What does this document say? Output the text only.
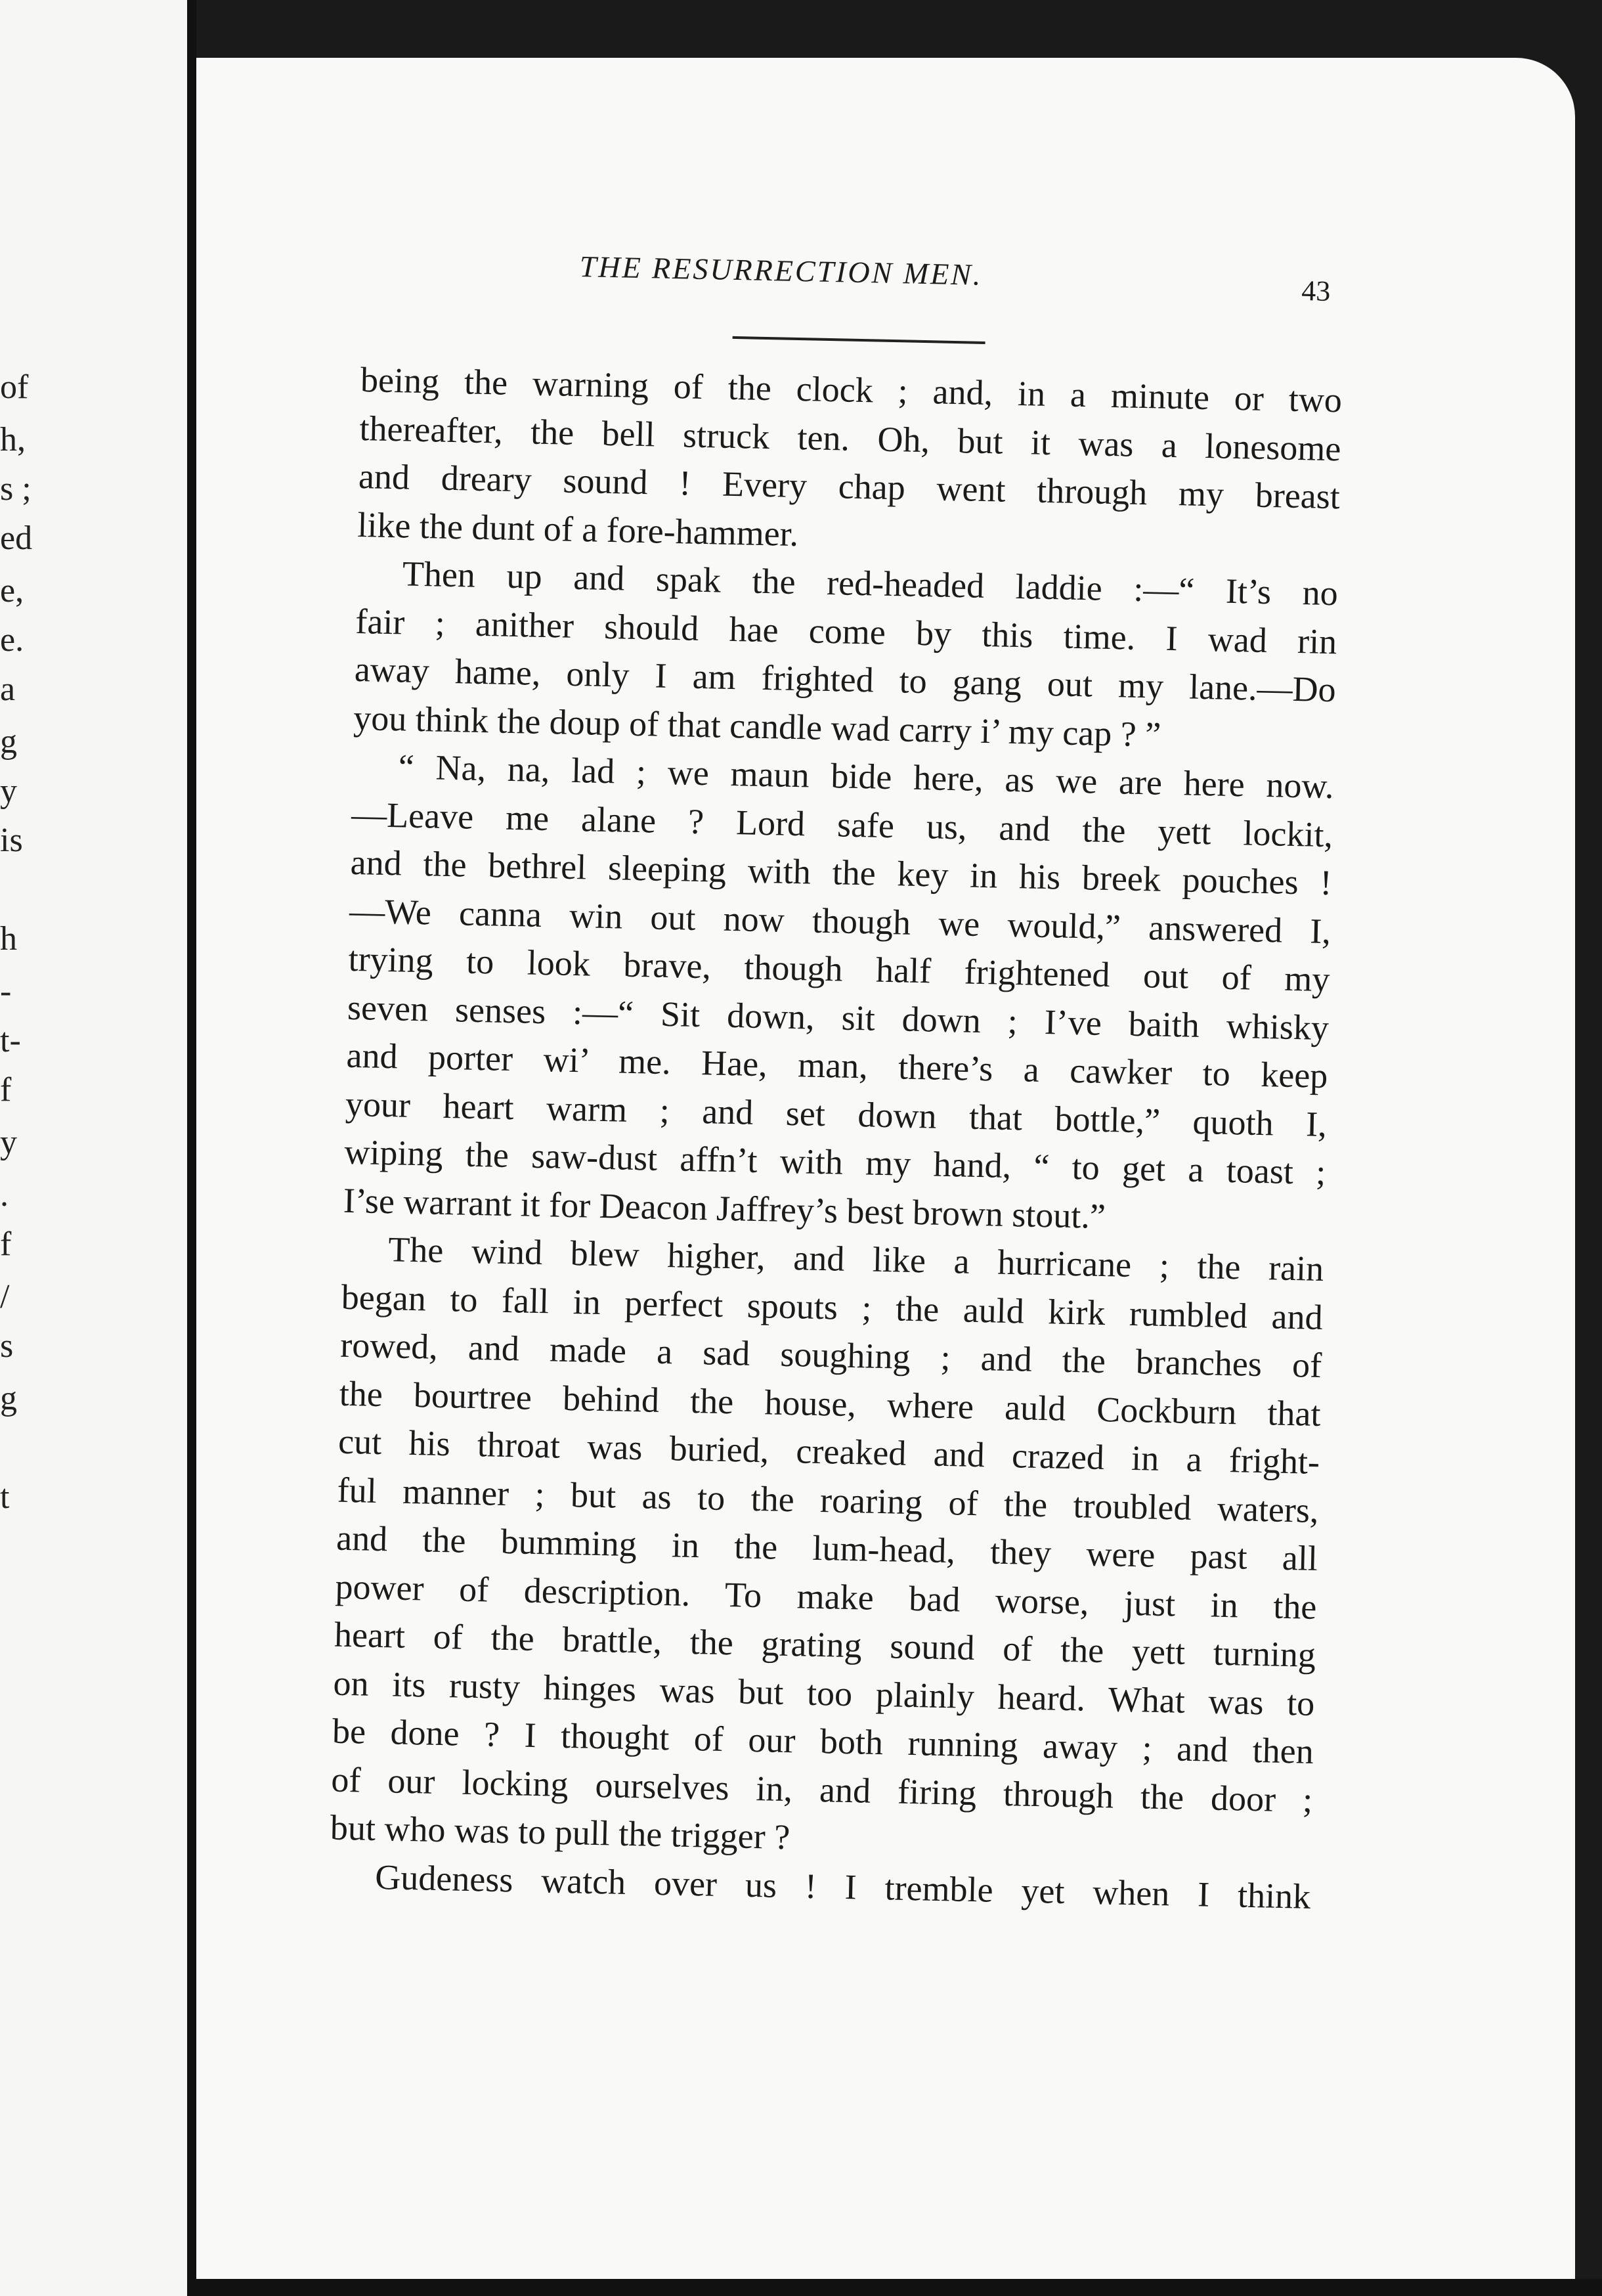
of
h,
s ;
ed
e,
e.
a
g
y
is
h
-
t-
f
y
.
f
/
s
g
t
THE RESURRECTION MEN.	43
being the warning of the clock ; and, in a minute or two
thereafter, the bell struck ten. Oh, but it was a lonesome
and dreary sound ! Every chap went through my breast
like the dunt of a fore-hammer.
Then up and spak the red-headed laddie :—“ It’s no
fair ; anither should hae come by this time. I wad rin
away hame, only I am frighted to gang out my lane.—Do
you think the doup of that candle wad carry i’ my cap ? ”
“ Na, na, lad ; we maun bide here, as we are here now.
—Leave me alane ? Lord safe us, and the yett lockit,
and the bethrel sleeping with the key in his breek pouches !
—We canna win out now though we would,” answered I,
trying to look brave, though half frightened out of my
seven senses :—“ Sit down, sit down ; I’ve baith whisky
and porter wi’ me. Hae, man, there’s a cawker to keep
your heart warm ; and set down that bottle,” quoth I,
wiping the saw-dust affn’t with my hand, “ to get a toast ;
I’se warrant it for Deacon Jaffrey’s best brown stout.”
The wind blew higher, and like a hurricane ; the rain
began to fall in perfect spouts ; the auld kirk rumbled and
rowed, and made a sad soughing ; and the branches of
the bourtree behind the house, where auld Cockburn that
cut his throat was buried, creaked and crazed in a fright-
ful manner ; but as to the roaring of the troubled waters,
and the bumming in the lum-head, they were past all
power of description. To make bad worse, just in the
heart of the brattle, the grating sound of the yett turning
on its rusty hinges was but too plainly heard. What was to
be done ? I thought of our both running away ; and then
of our locking ourselves in, and firing through the door ;
but who was to pull the trigger ?
Gudeness watch over us ! I tremble yet when I think
